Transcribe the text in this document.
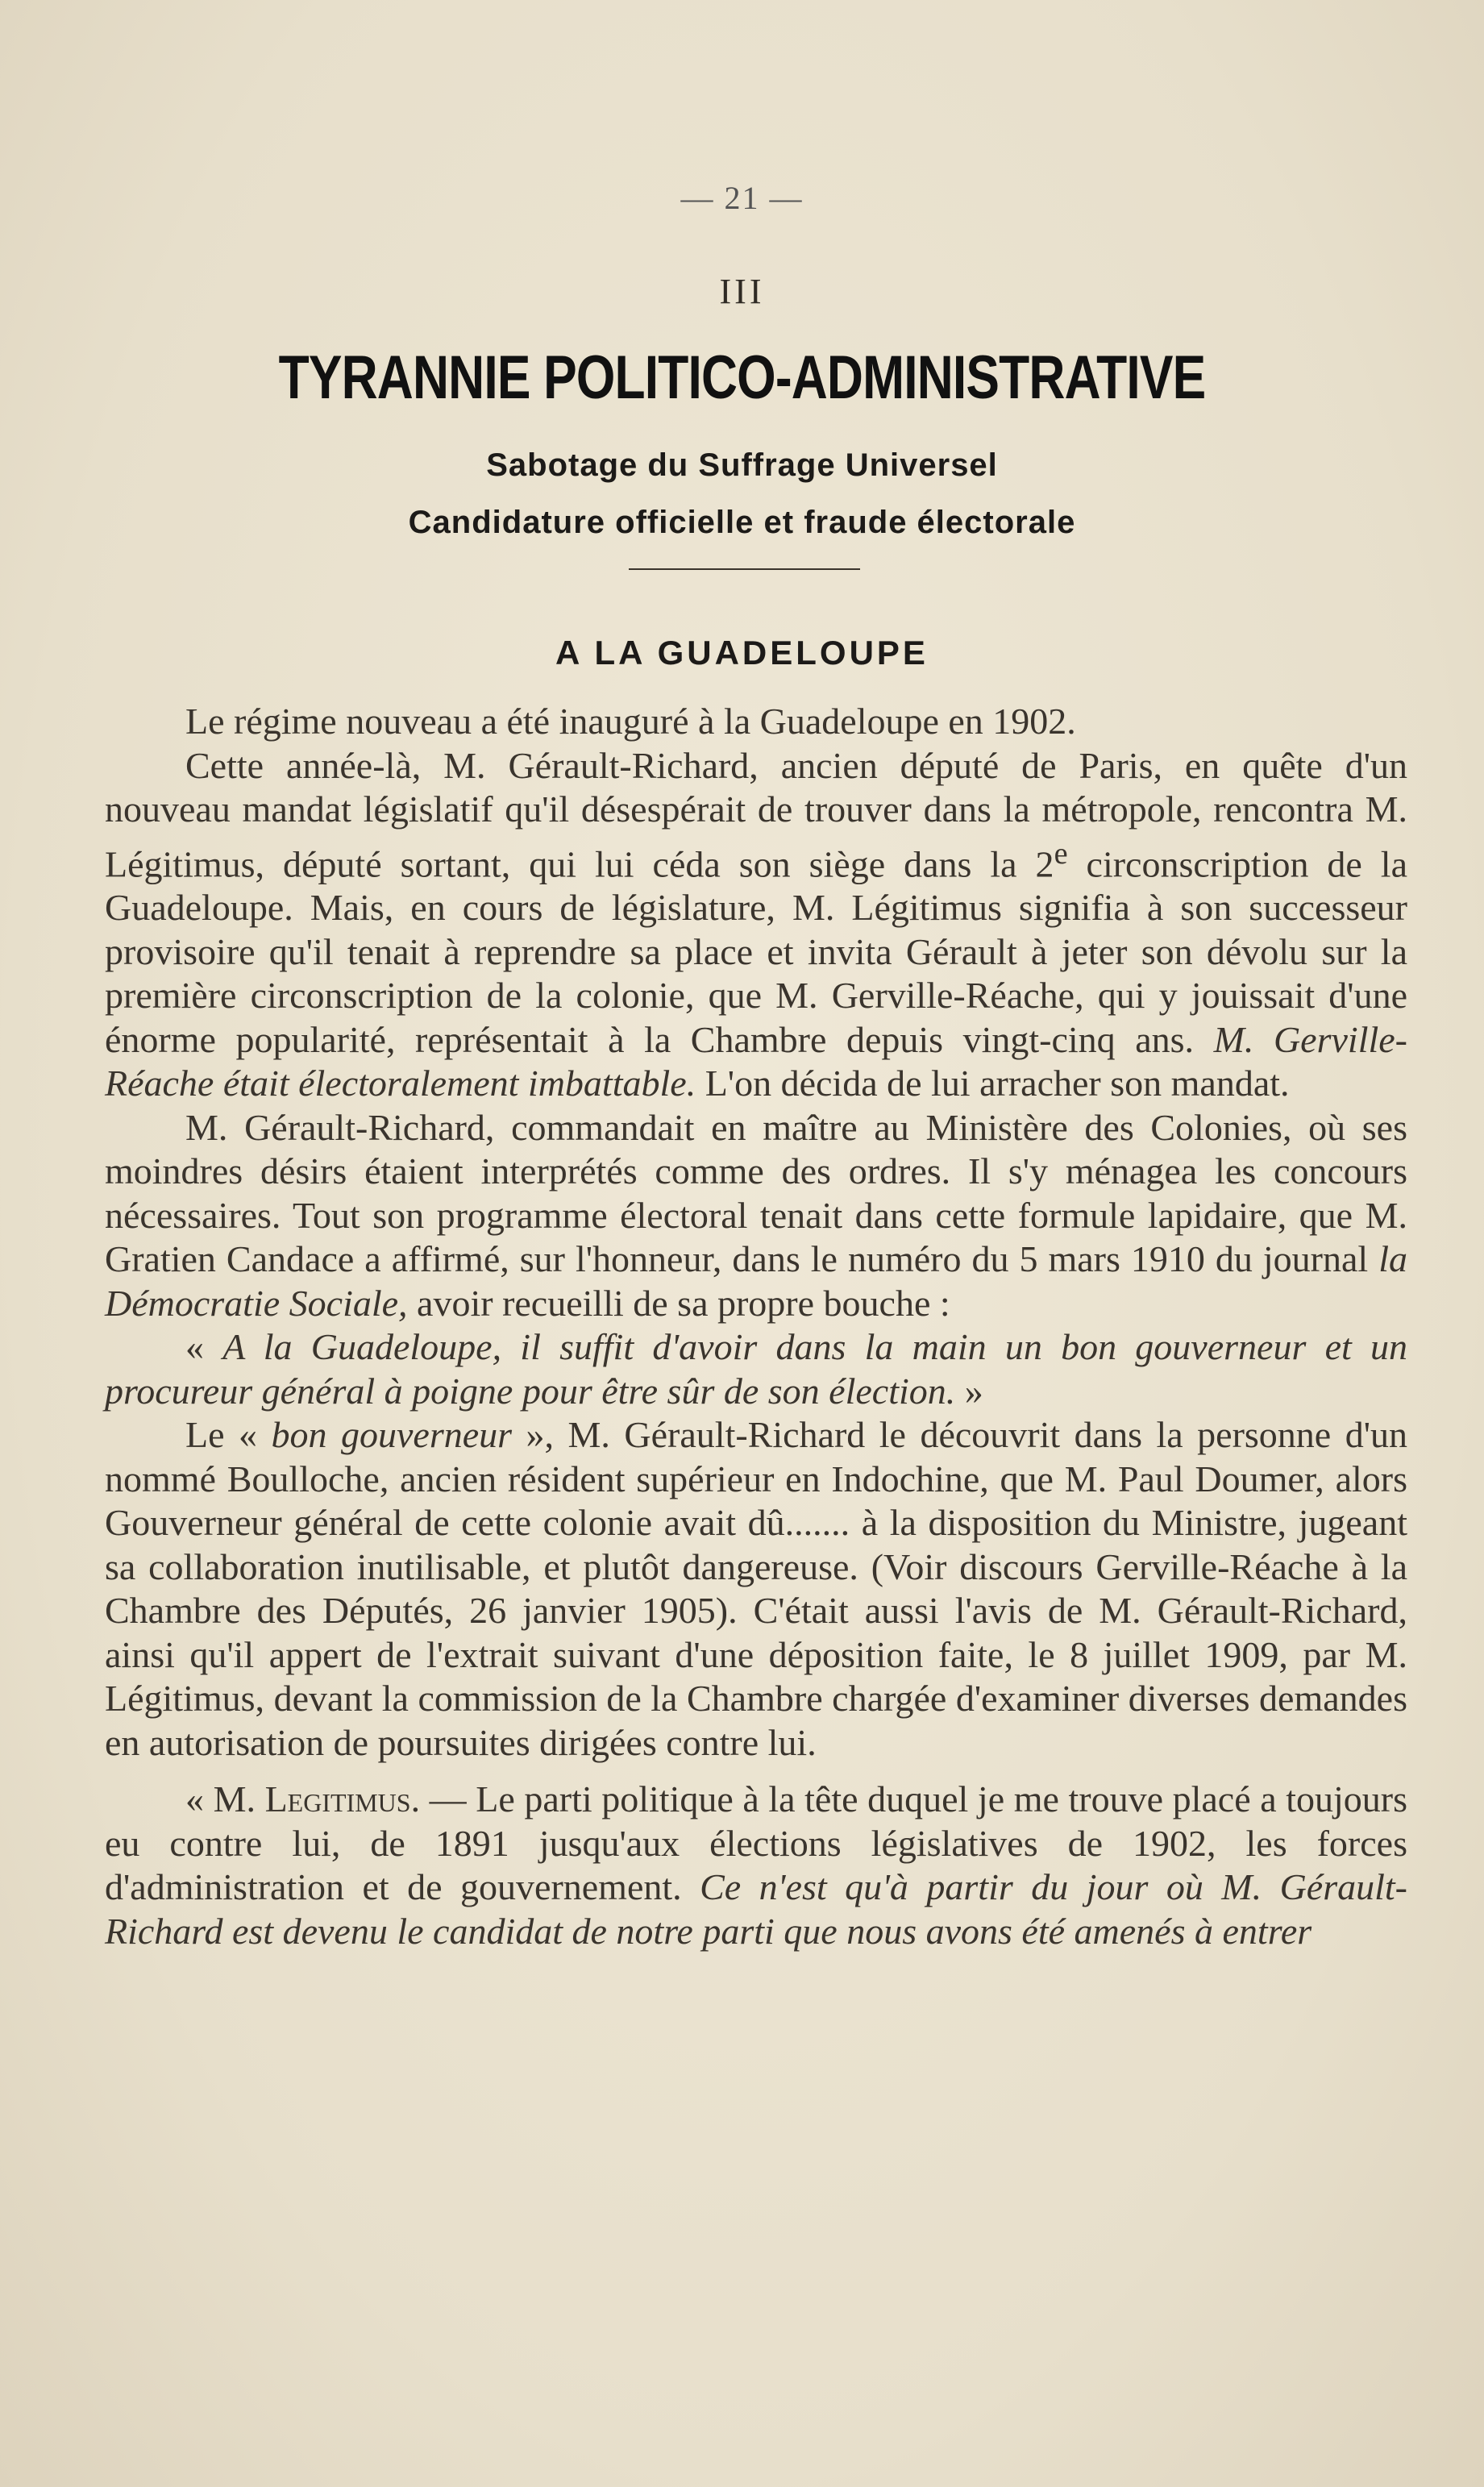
— 21 —
III
TYRANNIE POLITICO-ADMINISTRATIVE
Sabotage du Suffrage Universel
Candidature officielle et fraude électorale
A LA GUADELOUPE

Le régime nouveau a été inauguré à la Guadeloupe en 1902.

Cette année-là, M. Gérault-Richard, ancien député de Paris, en quête d'un nouveau mandat législatif qu'il désespérait de trouver dans la métropole, rencontra M. Légitimus, député sortant, qui lui céda son siège dans la 2e circonscription de la Guadeloupe. Mais, en cours de législature, M. Légitimus signifia à son successeur provisoire qu'il tenait à reprendre sa place et invita Gérault à jeter son dévolu sur la première circonscription de la colonie, que M. Gerville-Réache, qui y jouissait d'une énorme popularité, représentait à la Chambre depuis vingt-cinq ans. M. Gerville-Réache était électoralement imbattable. L'on décida de lui arracher son mandat.

M. Gérault-Richard, commandait en maître au Ministère des Colonies, où ses moindres désirs étaient interprétés comme des ordres. Il s'y ménagea les concours nécessaires. Tout son programme électoral tenait dans cette formule lapidaire, que M. Gratien Candace a affirmé, sur l'honneur, dans le numéro du 5 mars 1910 du journal la Démocratie Sociale, avoir recueilli de sa propre bouche :

« A la Guadeloupe, il suffit d'avoir dans la main un bon gouverneur et un procureur général à poigne pour être sûr de son élection. »

Le « bon gouverneur », M. Gérault-Richard le découvrit dans la personne d'un nommé Boulloche, ancien résident supérieur en Indochine, que M. Paul Doumer, alors Gouverneur général de cette colonie avait dû....... à la disposition du Ministre, jugeant sa collaboration inutilisable, et plutôt dangereuse. (Voir discours Gerville-Réache à la Chambre des Députés, 26 janvier 1905). C'était aussi l'avis de M. Gérault-Richard, ainsi qu'il appert de l'extrait suivant d'une déposition faite, le 8 juillet 1909, par M. Légitimus, devant la commission de la Chambre chargée d'examiner diverses demandes en autorisation de poursuites dirigées contre lui.

« M. Legitimus. — Le parti politique à la tête duquel je me trouve placé a toujours eu contre lui, de 1891 jusqu'aux élections législatives de 1902, les forces d'administration et de gouvernement. Ce n'est qu'à partir du jour où M. Gérault-Richard est devenu le candidat de notre parti que nous avons été amenés à entrer
